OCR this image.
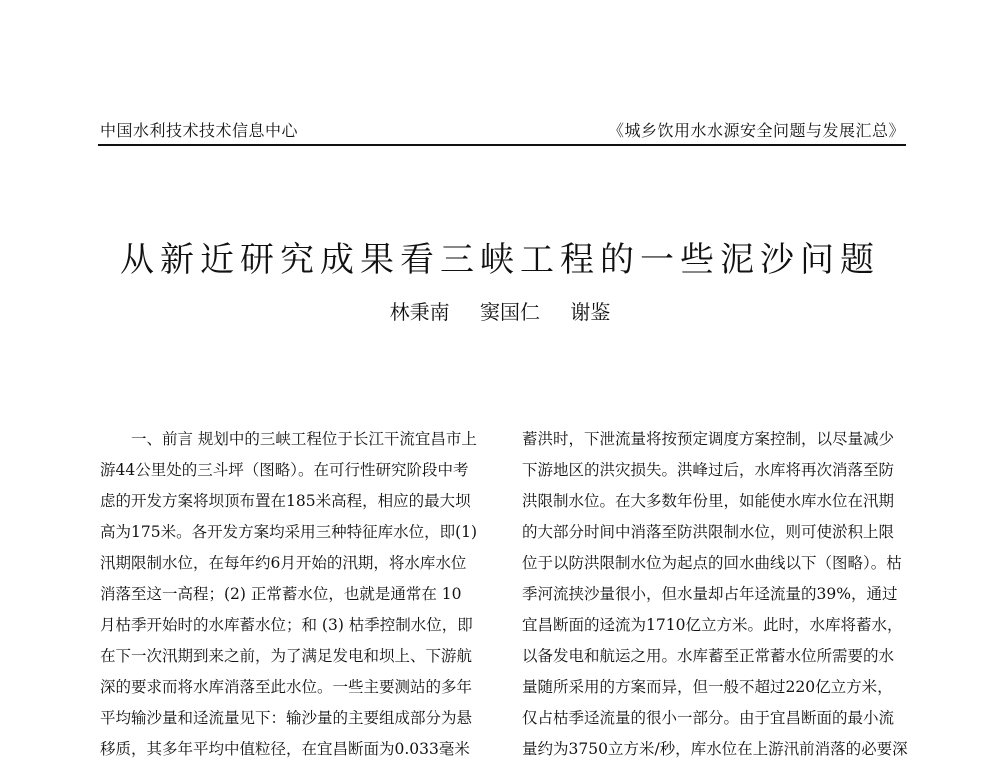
中国水利技术技术信息中心	《城乡饮用水水源安全问题与发展汇总》
从新近研究成果看三峡工程的一些泥沙问题
林秉南 窦国仁 谢鉴
一、前言 规划中的三峡工程位于长江干流宜昌市上
游44公里处的三斗坪（图略）。在可行性研究阶段中考
虑的开发方案将坝顶布置在185米高程，相应的最大坝
高为175米。各开发方案均采用三种特征库水位，即(1)
汛期限制水位，在每年约6月开始的汛期，将水库水位
消落至这一高程；(2) 正常蓄水位，也就是通常在 10
月枯季开始时的水库蓄水位；和 (3) 枯季控制水位，即
在下一次汛期到来之前，为了满足发电和坝上、下游航
深的要求而将水库消落至此水位。一些主要测站的多年
平均输沙量和迳流量见下：输沙量的主要组成部分为悬
移质，其多年平均中值粒径，在宜昌断面为0.033毫米
蓄洪时，下泄流量将按预定调度方案控制，以尽量减少
下游地区的洪灾损失。洪峰过后，水库将再次消落至防
洪限制水位。在大多数年份里，如能使水库水位在汛期
的大部分时间中消落至防洪限制水位，则可使淤积上限
位于以防洪限制水位为起点的回水曲线以下（图略）。枯
季河流挟沙量很小，但水量却占年迳流量的39%，通过
宜昌断面的迳流为1710亿立方米。此时，水库将蓄水，
以备发电和航运之用。水库蓄至正常蓄水位所需要的水
量随所采用的方案而异，但一般不超过220亿立方米，
仅占枯季迳流量的很小一部分。由于宜昌断面的最小流
量约为3750立方米/秒，库水位在上游汛前消落的必要深
